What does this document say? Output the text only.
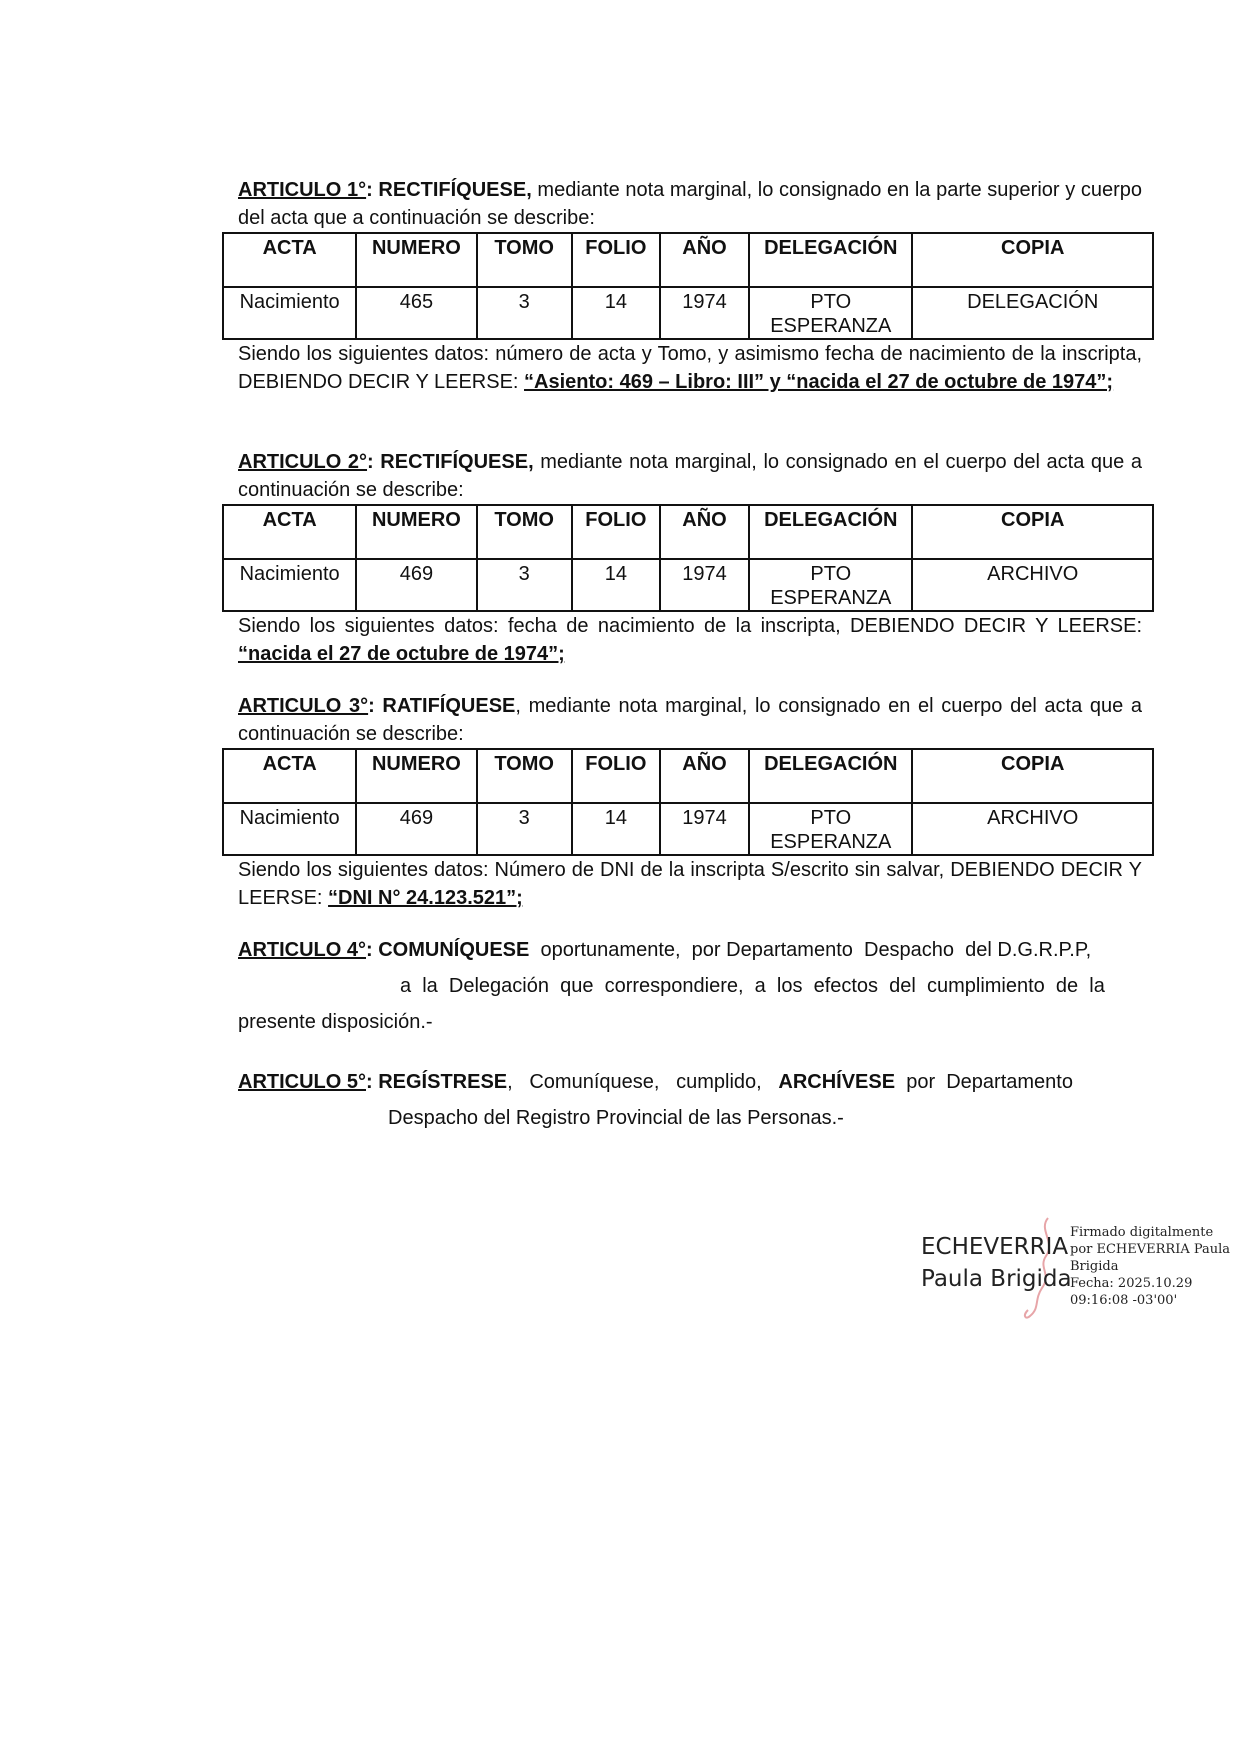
ARTICULO 1°: RECTIFÍQUESE, mediante nota marginal, lo consignado en la parte superior y cuerpo del acta que a continuación se describe:
ACTA	NUMERO	TOMO	FOLIO	AÑO	DELEGACIÓN	COPIA
Nacimiento	465	3	14	1974	PTO ESPERANZA	DELEGACIÓN
Siendo los siguientes datos: número de acta y Tomo, y asimismo fecha de nacimiento de la inscripta, DEBIENDO DECIR Y LEERSE: “Asiento: 469 – Libro: III” y “nacida el 27 de octubre de 1974”;
ARTICULO 2°: RECTIFÍQUESE, mediante nota marginal, lo consignado en el cuerpo del acta que a continuación se describe:
ACTA	NUMERO	TOMO	FOLIO	AÑO	DELEGACIÓN	COPIA
Nacimiento	469	3	14	1974	PTO ESPERANZA	ARCHIVO
Siendo los siguientes datos: fecha de nacimiento de la inscripta, DEBIENDO DECIR Y LEERSE: “nacida el 27 de octubre de 1974”;
ARTICULO 3°: RATIFÍQUESE, mediante nota marginal, lo consignado en el cuerpo del acta que a continuación se describe:
ACTA	NUMERO	TOMO	FOLIO	AÑO	DELEGACIÓN	COPIA
Nacimiento	469	3	14	1974	PTO ESPERANZA	ARCHIVO
Siendo los siguientes datos: Número de DNI de la inscripta S/escrito sin salvar, DEBIENDO DECIR Y LEERSE: “DNI N° 24.123.521”;
ARTICULO 4°: COMUNÍQUESE oportunamente,  por Departamento  Despacho  del D.G.R.P.P,
a  la  Delegación  que  correspondiere,  a  los  efectos  del  cumplimiento  de  la
presente disposición.-
ARTICULO 5°: REGÍSTRESE,   Comuníquese,   cumplido, ARCHÍVESE por  Departamento
Despacho del Registro Provincial de las Personas.-
ECHEVERRIA
Paula Brigida
Firmado digitalmente
por ECHEVERRIA Paula
Brigida
Fecha: 2025.10.29
09:16:08 -03'00'
